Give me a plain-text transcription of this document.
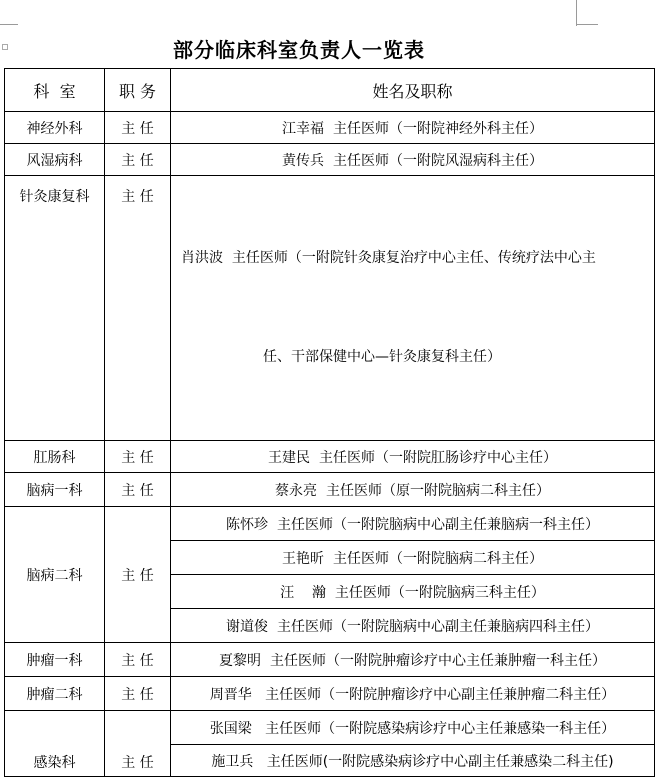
部分临床科室负责人一览表
科  室	职 务	姓名及职称
神经外科	主 任	江幸福  主任医师（一附院神经外科主任）
风湿病科	主 任	黄传兵  主任医师（一附院风湿病科主任）
针灸康复科	主 任	肖洪波  主任医师（一附院针灸康复治疗中心主任、传统疗法中心主

任、干部保健中心—针灸康复科主任）

肛肠科	主 任	王建民  主任医师（一附院肛肠诊疗中心主任）
脑病一科	主 任	蔡永亮  主任医师（原一附院脑病二科主任）
脑病二科	主 任	陈怀珍  主任医师（一附院脑病中心副主任兼脑病一科主任）
		王艳昕  主任医师（一附院脑病二科主任）
		汪    瀚  主任医师（一附院脑病三科主任）
		谢道俊  主任医师（一附院脑病中心副主任兼脑病四科主任）
肿瘤一科	主 任	夏黎明  主任医师（一附院肿瘤诊疗中心主任兼肿瘤一科主任）
肿瘤二科	主 任	周晋华   主任医师（一附院肿瘤诊疗中心副主任兼肿瘤二科主任）
感染科	主 任	张国梁   主任医师（一附院感染病诊疗中心主任兼感染一科主任）
		施卫兵   主任医师(一附院感染病诊疗中心副主任兼感染二科主任)
